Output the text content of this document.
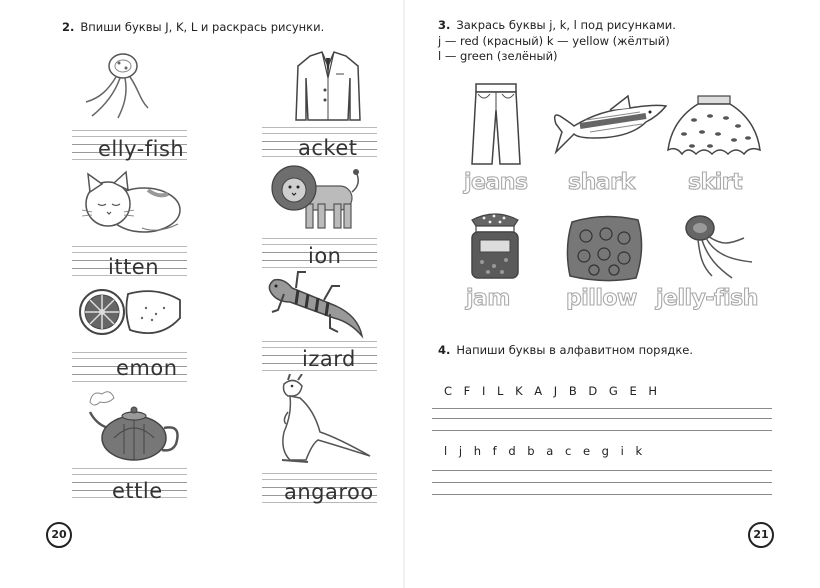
2. Впиши буквы J, K, L и раскрась рисунки.
elly-fish	acket
itten	ion
emon	izard
ettle	angaroo
20
3. Закрась буквы j, k, l под рисунками.
j — red (красный) k — yellow (жёлтый)
l — green (зелёный)
jeans shark skirt
jam	pillow jelly-fish
4. Напиши буквы в алфавитном порядке.
C F I L K A J B D G E H
l j h f d b a c e g i k
21
